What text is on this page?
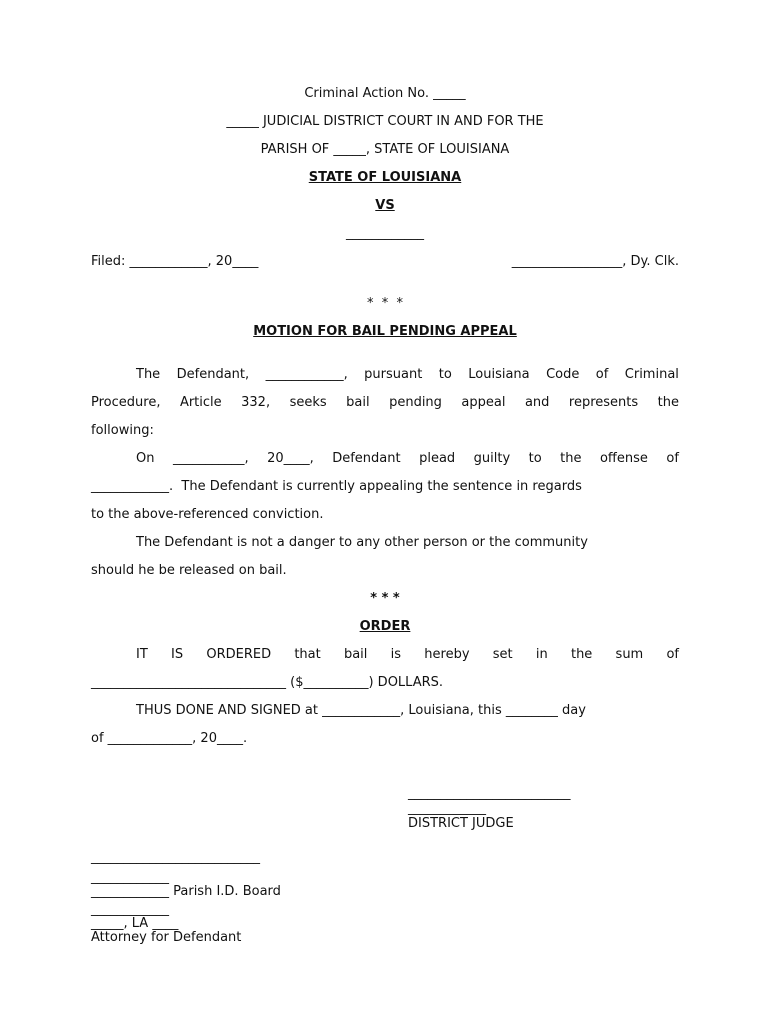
Criminal Action No. _____
_____ JUDICIAL DISTRICT COURT IN AND FOR THE
PARISH OF _____, STATE OF LOUISIANA
STATE OF LOUISIANA
VS
____________
Filed: ____________, 20____	_________________, Dy. Clk.
*  *  *
MOTION FOR BAIL PENDING APPEAL
The Defendant, ____________, pursuant to Louisiana Code of Criminal
Procedure, Article 332, seeks bail pending appeal and represents the
following:
On ___________, 20____, Defendant plead guilty to the offense of
____________.  The Defendant is currently appealing the sentence in regards
to the above-referenced conviction.
The Defendant is not a danger to any other person or the community
should he be released on bail.
* * *
ORDER
IT IS ORDERED that bail is hereby set in the sum of
______________________________ ($__________) DOLLARS.
THUS DONE AND SIGNED at ____________, Louisiana, this ________ day
of _____________, 20____.
_________________________
____________
DISTRICT JUDGE
__________________________
____________
____________ Parish I.D. Board
____________
_____, LA ____
Attorney for Defendant
